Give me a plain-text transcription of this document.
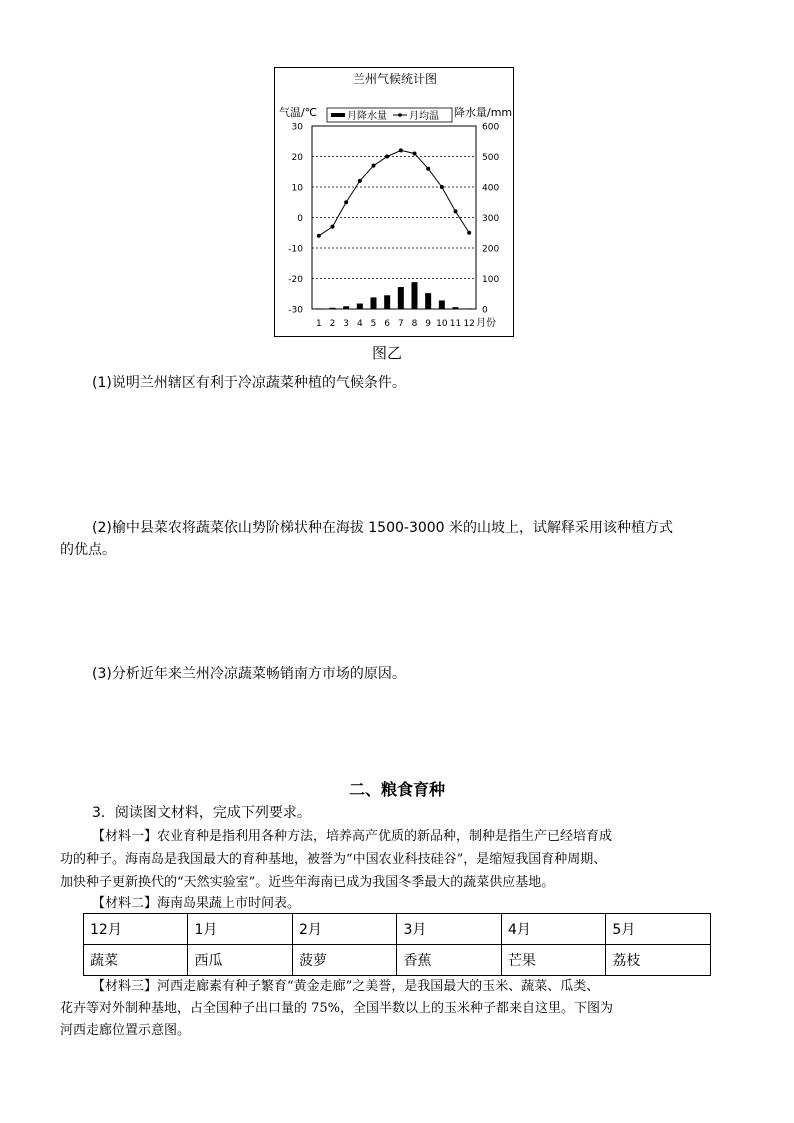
兰州气候统计图
气温/℃	降水量/mm
月份
月降水量 月均温
30	600
20	500
10	400
0	300
-10	200
-20	100
-30	0
1 2 3 4 5 6 7 8 9 10 11 12
图乙
(1)说明兰州辖区有利于冷凉蔬菜种植的气候条件。
(2)榆中县菜农将蔬菜依山势阶梯状种在海拔 1500-3000 米的山坡上，试解释采用该种植方式
的优点。
(3)分析近年来兰州冷凉蔬菜畅销南方市场的原因。
二、粮食育种
3．阅读图文材料，完成下列要求。
【材料一】农业育种是指利用各种方法，培养高产优质的新品种，制种是指生产已经培育成
功的种子。海南岛是我国最大的育种基地，被誉为“中国农业科技硅谷”，是缩短我国育种周期、
加快种子更新换代的“天然实验室”。近些年海南已成为我国冬季最大的蔬菜供应基地。
【材料二】海南岛果蔬上市时间表。
12月	1月	2月	3月	4月	5月
蔬菜	西瓜	菠萝	香蕉	芒果	荔枝
【材料三】河西走廊素有种子繁育“黄金走廊”之美誉，是我国最大的玉米、蔬菜、瓜类、
花卉等对外制种基地，占全国种子出口量的 75%，全国半数以上的玉米种子都来自这里。下图为
河西走廊位置示意图。
